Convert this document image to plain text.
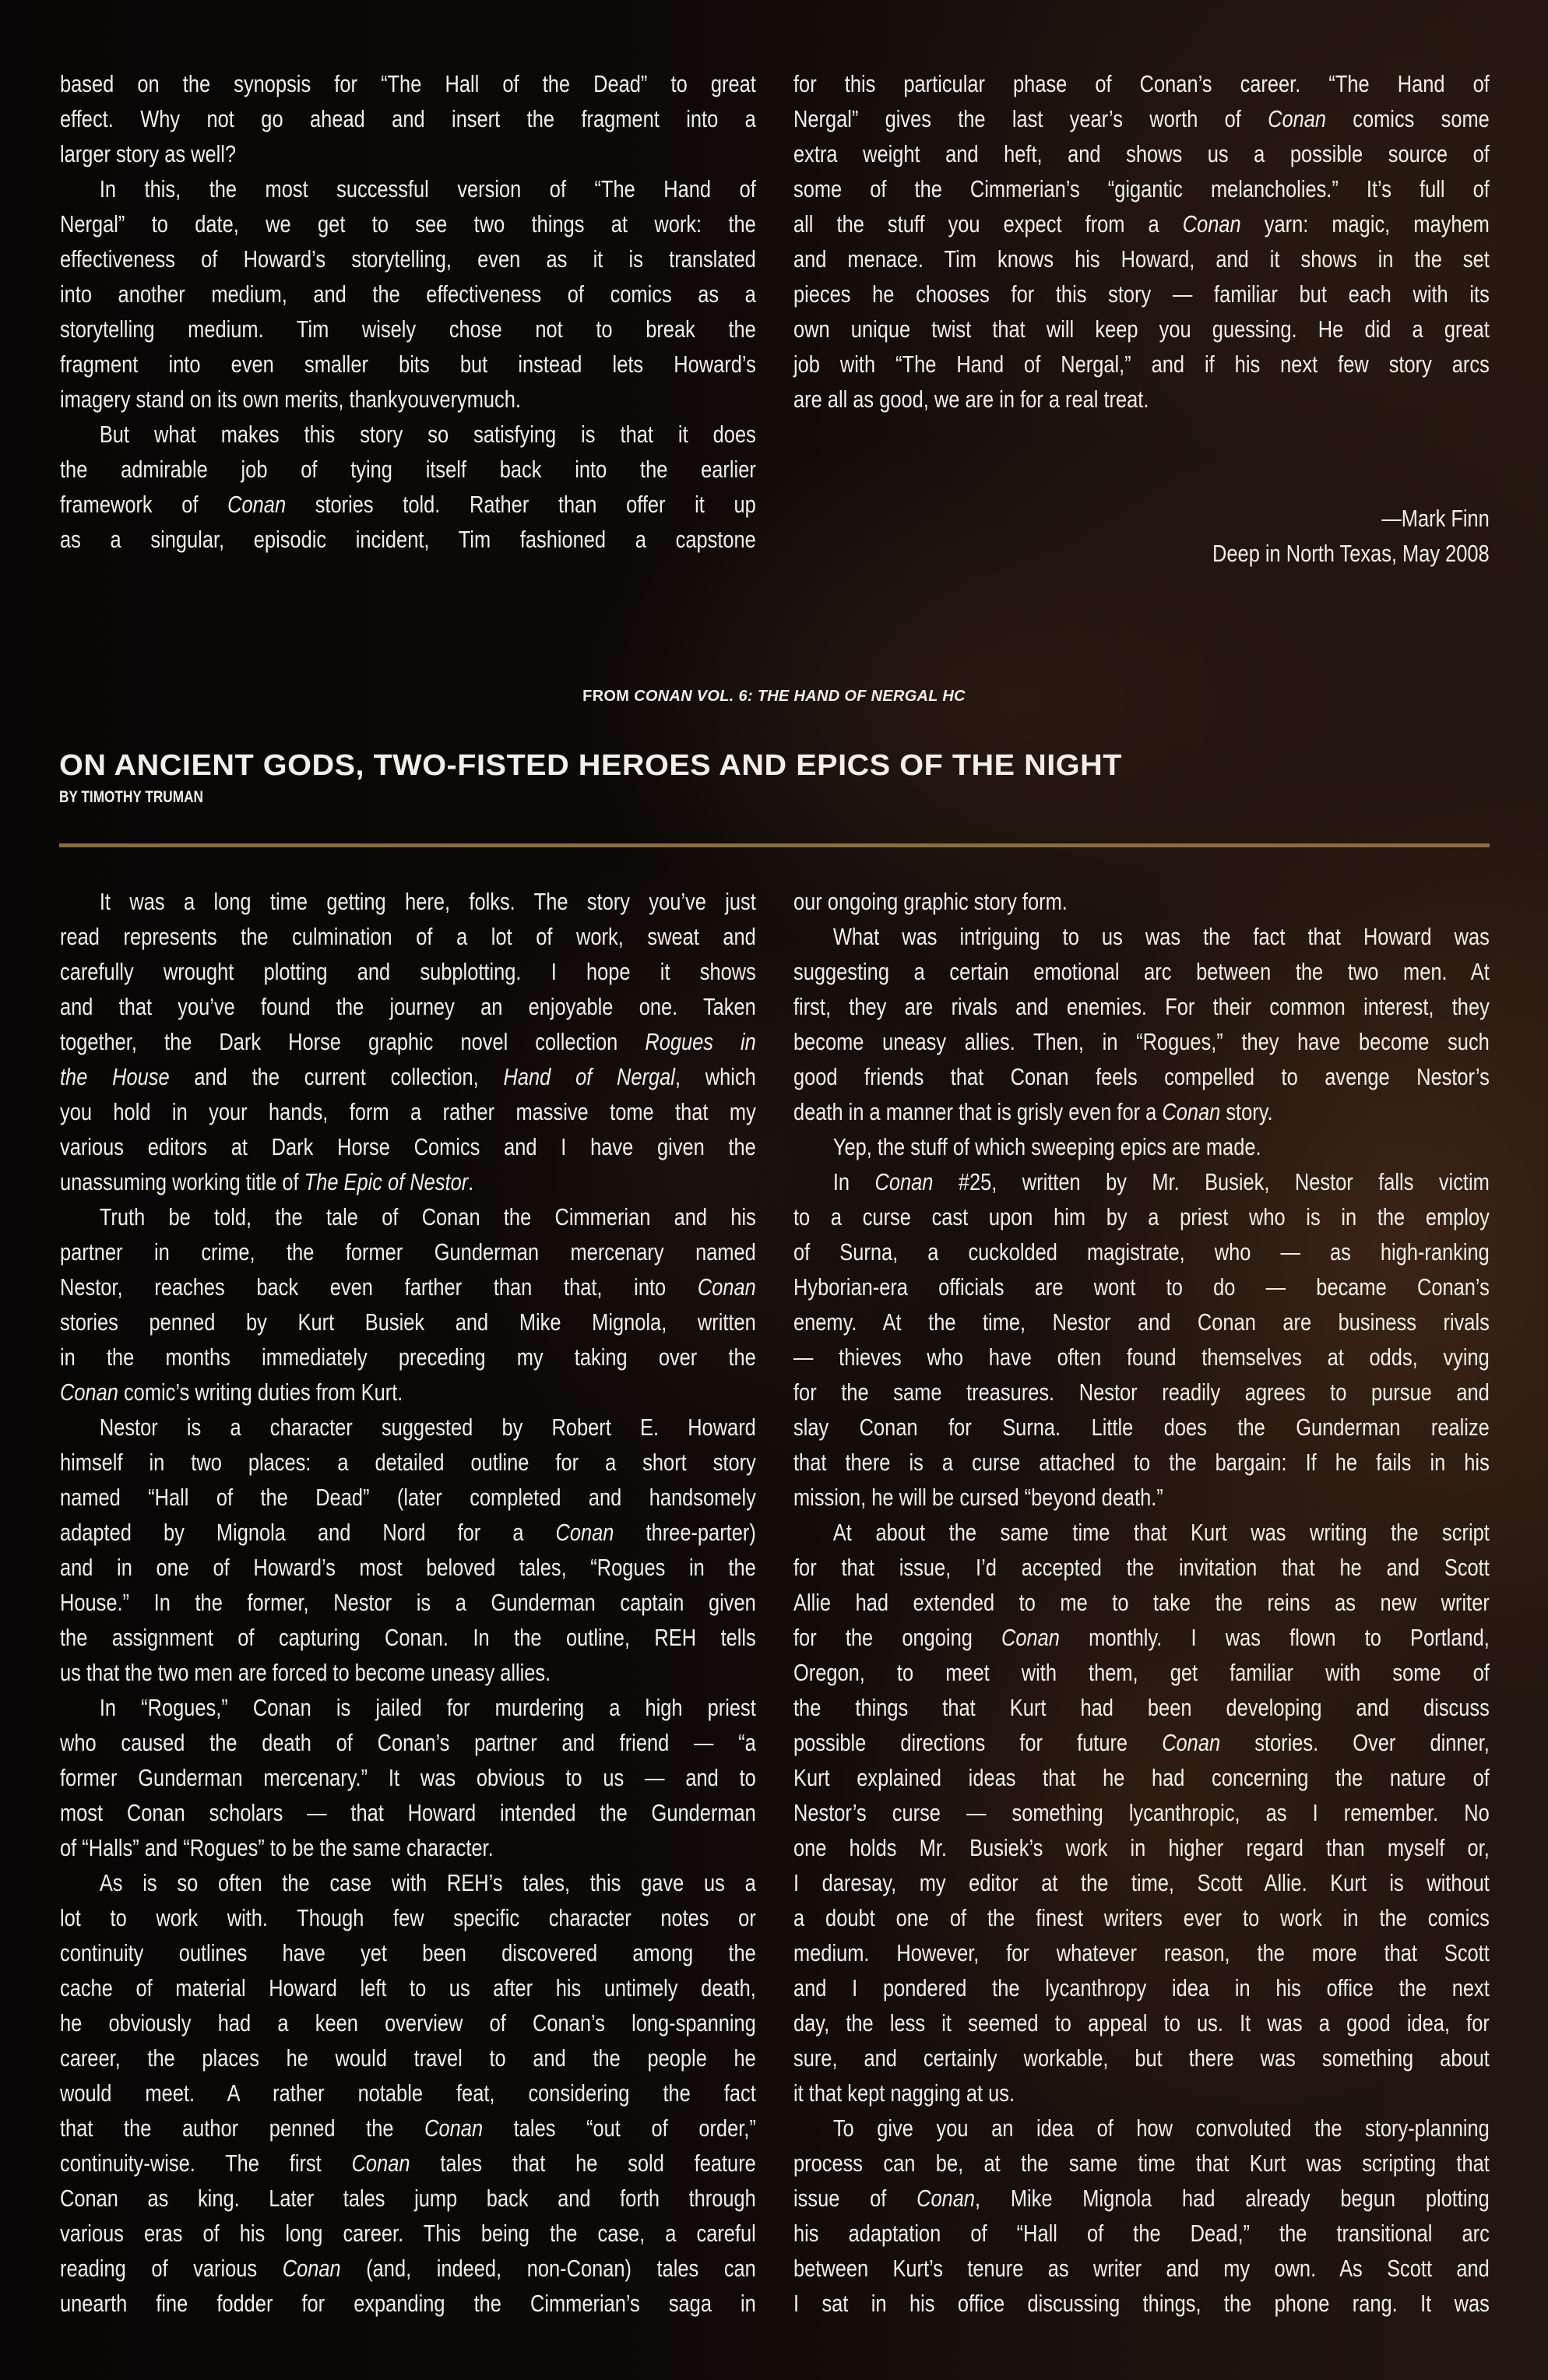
based on the synopsis for “The Hall of the Dead” to great
effect. Why not go ahead and insert the fragment into a
larger story as well?
In this, the most successful version of “The Hand of
Nergal” to date, we get to see two things at work: the
effectiveness of Howard’s storytelling, even as it is translated
into another medium, and the effectiveness of comics as a
storytelling medium. Tim wisely chose not to break the
fragment into even smaller bits but instead lets Howard’s
imagery stand on its own merits, thankyouverymuch.
But what makes this story so satisfying is that it does
the admirable job of tying itself back into the earlier
framework of Conan stories told. Rather than offer it up
as a singular, episodic incident, Tim fashioned a capstone
for this particular phase of Conan’s career. “The Hand of
Nergal” gives the last year’s worth of Conan comics some
extra weight and heft, and shows us a possible source of
some of the Cimmerian’s “gigantic melancholies.” It’s full of
all the stuff you expect from a Conan yarn: magic, mayhem
and menace. Tim knows his Howard, and it shows in the set
pieces he chooses for this story — familiar but each with its
own unique twist that will keep you guessing. He did a great
job with “The Hand of Nergal,” and if his next few story arcs
are all as good, we are in for a real treat.
—Mark Finn
Deep in North Texas, May 2008
FROM CONAN VOL. 6: THE HAND OF NERGAL HC
ON ANCIENT GODS, TWO-FISTED HEROES AND EPICS OF THE NIGHT
BY TIMOTHY TRUMAN
It was a long time getting here, folks. The story you’ve just
read represents the culmination of a lot of work, sweat and
carefully wrought plotting and subplotting. I hope it shows
and that you’ve found the journey an enjoyable one. Taken
together, the Dark Horse graphic novel collection Rogues in
the House and the current collection, Hand of Nergal, which
you hold in your hands, form a rather massive tome that my
various editors at Dark Horse Comics and I have given the
unassuming working title of The Epic of Nestor.
Truth be told, the tale of Conan the Cimmerian and his
partner in crime, the former Gunderman mercenary named
Nestor, reaches back even farther than that, into Conan
stories penned by Kurt Busiek and Mike Mignola, written
in the months immediately preceding my taking over the
Conan comic’s writing duties from Kurt.
Nestor is a character suggested by Robert E. Howard
himself in two places: a detailed outline for a short story
named “Hall of the Dead” (later completed and handsomely
adapted by Mignola and Nord for a Conan three-parter)
and in one of Howard’s most beloved tales, “Rogues in the
House.” In the former, Nestor is a Gunderman captain given
the assignment of capturing Conan. In the outline, REH tells
us that the two men are forced to become uneasy allies.
In “Rogues,” Conan is jailed for murdering a high priest
who caused the death of Conan’s partner and friend — “a
former Gunderman mercenary.” It was obvious to us — and to
most Conan scholars — that Howard intended the Gunderman
of “Halls” and “Rogues” to be the same character.
As is so often the case with REH’s tales, this gave us a
lot to work with. Though few specific character notes or
continuity outlines have yet been discovered among the
cache of material Howard left to us after his untimely death,
he obviously had a keen overview of Conan’s long-spanning
career, the places he would travel to and the people he
would meet. A rather notable feat, considering the fact
that the author penned the Conan tales “out of order,”
continuity-wise. The first Conan tales that he sold feature
Conan as king. Later tales jump back and forth through
various eras of his long career. This being the case, a careful
reading of various Conan (and, indeed, non-Conan) tales can
unearth fine fodder for expanding the Cimmerian’s saga in
our ongoing graphic story form.
What was intriguing to us was the fact that Howard was
suggesting a certain emotional arc between the two men. At
first, they are rivals and enemies. For their common interest, they
become uneasy allies. Then, in “Rogues,” they have become such
good friends that Conan feels compelled to avenge Nestor’s
death in a manner that is grisly even for a Conan story.
Yep, the stuff of which sweeping epics are made.
In Conan #25, written by Mr. Busiek, Nestor falls victim
to a curse cast upon him by a priest who is in the employ
of Surna, a cuckolded magistrate, who — as high-ranking
Hyborian-era officials are wont to do — became Conan’s
enemy. At the time, Nestor and Conan are business rivals
— thieves who have often found themselves at odds, vying
for the same treasures. Nestor readily agrees to pursue and
slay Conan for Surna. Little does the Gunderman realize
that there is a curse attached to the bargain: If he fails in his
mission, he will be cursed “beyond death.”
At about the same time that Kurt was writing the script
for that issue, I’d accepted the invitation that he and Scott
Allie had extended to me to take the reins as new writer
for the ongoing Conan monthly. I was flown to Portland,
Oregon, to meet with them, get familiar with some of
the things that Kurt had been developing and discuss
possible directions for future Conan stories. Over dinner,
Kurt explained ideas that he had concerning the nature of
Nestor’s curse — something lycanthropic, as I remember. No
one holds Mr. Busiek’s work in higher regard than myself or,
I daresay, my editor at the time, Scott Allie. Kurt is without
a doubt one of the finest writers ever to work in the comics
medium. However, for whatever reason, the more that Scott
and I pondered the lycanthropy idea in his office the next
day, the less it seemed to appeal to us. It was a good idea, for
sure, and certainly workable, but there was something about
it that kept nagging at us.
To give you an idea of how convoluted the story-planning
process can be, at the same time that Kurt was scripting that
issue of Conan, Mike Mignola had already begun plotting
his adaptation of “Hall of the Dead,” the transitional arc
between Kurt’s tenure as writer and my own. As Scott and
I sat in his office discussing things, the phone rang. It was
